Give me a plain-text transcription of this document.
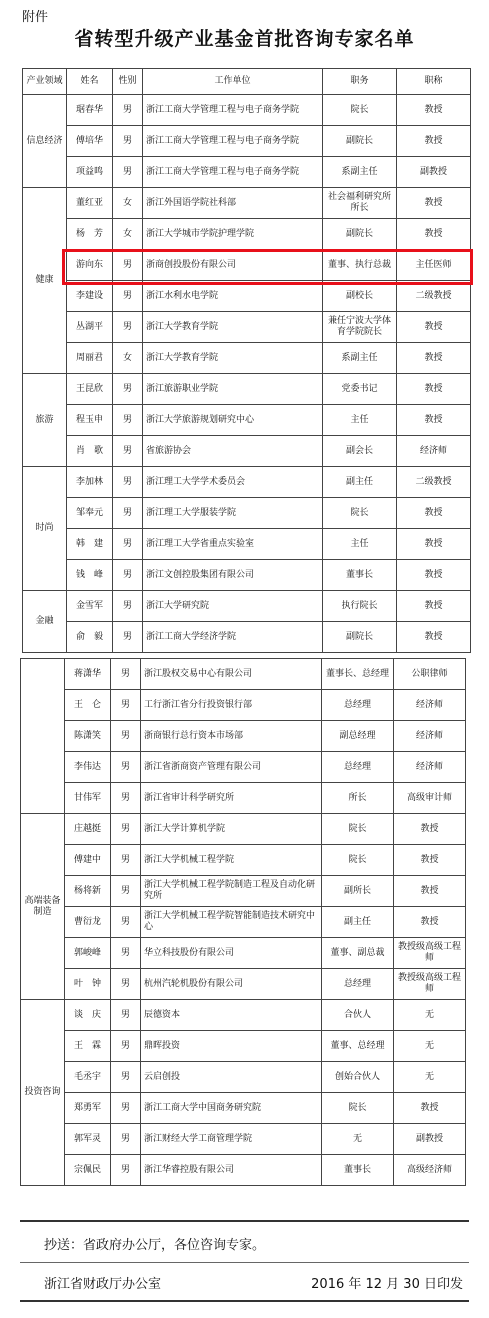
附件
省转型升级产业基金首批咨询专家名单
产业领域	姓名	性别	工作单位	职务	职称
信息经济	琚春华	男	浙江工商大学管理工程与电子商务学院	院长	教授
	傅培华	男	浙江工商大学管理工程与电子商务学院	副院长	教授
	项益鸣	男	浙江工商大学管理工程与电子商务学院	系副主任	副教授
健康	董红亚	女	浙江外国语学院社科部	社会福利研究所所长	教授
	杨　芳	女	浙江大学城市学院护理学院	副院长	教授
	游向东	男	浙商创投股份有限公司	董事、执行总裁	主任医师
	李建设	男	浙江水利水电学院	副校长	二级教授
	丛湖平	男	浙江大学教育学院	兼任宁波大学体育学院院长	教授
	周丽君	女	浙江大学教育学院	系副主任	教授
旅游	王昆欣	男	浙江旅游职业学院	党委书记	教授
	程玉申	男	浙江大学旅游规划研究中心	主任	教授
	肖　歌	男	省旅游协会	副会长	经济师
时尚	李加林	男	浙江理工大学学术委员会	副主任	二级教授
	邹奉元	男	浙江理工大学服装学院	院长	教授
	韩　建	男	浙江理工大学省重点实验室	主任	教授
	钱　峰	男	浙江文创控股集团有限公司	董事长	教授
金融	金雪军	男	浙江大学研究院	执行院长	教授
	俞　毅	男	浙江工商大学经济学院	副院长	教授
	蒋潇华	男	浙江股权交易中心有限公司	董事长、总经理	公职律师
	王　仑	男	工行浙江省分行投资银行部	总经理	经济师
	陈潇笑	男	浙商银行总行资本市场部	副总经理	经济师
	李伟达	男	浙江省浙商资产管理有限公司	总经理	经济师
	甘伟军	男	浙江省审计科学研究所	所长	高级审计师
高端装备制造	庄越挺	男	浙江大学计算机学院	院长	教授
	傅建中	男	浙江大学机械工程学院	院长	教授
	杨将新	男	浙江大学机械工程学院制造工程及自动化研究所	副所长	教授
	曹衍龙	男	浙江大学机械工程学院智能制造技术研究中心	副主任	教授
	郭峻峰	男	华立科技股份有限公司	董事、副总裁	教授级高级工程师
	叶　钟	男	杭州汽轮机股份有限公司	总经理	教授级高级工程师
投资咨询	谈　庆	男	辰德资本	合伙人	无
	王　霖	男	鼎晖投资	董事、总经理	无
	毛丞宇	男	云启创投	创始合伙人	无
	郑勇军	男	浙江工商大学中国商务研究院	院长	教授
	郭军灵	男	浙江财经大学工商管理学院	无	副教授
	宗佩民	男	浙江华睿控股有限公司	董事长	高级经济师
抄送：省政府办公厅，各位咨询专家。
浙江省财政厅办公室	2016 年 12 月 30 日印发
